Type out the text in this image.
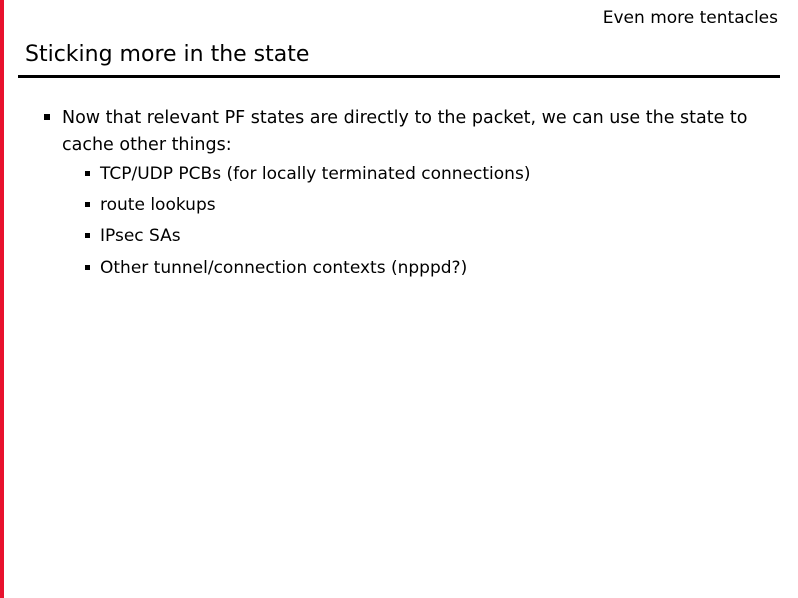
Even more tentacles
Sticking more in the state
Now that relevant PF states are directly to the packet, we can use the state to cache other things:
TCP/UDP PCBs (for locally terminated connections)
route lookups
IPsec SAs
Other tunnel/connection contexts (npppd?)
